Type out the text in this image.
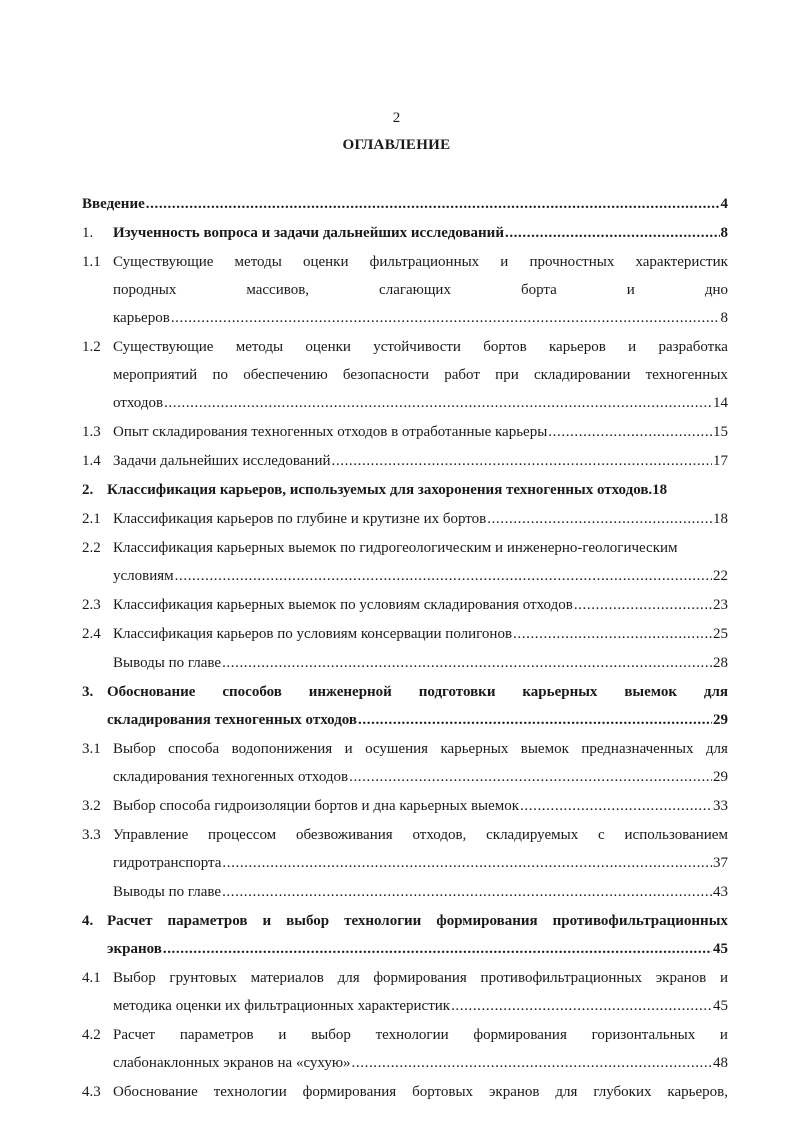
2
ОГЛАВЛЕНИЕ
Введение .....	4
1. Изученность вопроса и задачи дальнейших исследований .....	8
1.1 Существующие методы оценки фильтрационных и прочностных характеристик
породных	массивов,	слагающих	борта	и	дно
карьеров .....	8
1.2 Существующие методы оценки устойчивости бортов карьеров и разработка
мероприятий по обеспечению безопасности работ при складировании техногенных
отходов .....	14
1.3 Опыт складирования техногенных отходов в отработанные карьеры .....	15
1.4 Задачи дальнейших исследований .....	17
2. Классификация карьеров, используемых для захоронения техногенных отходов. 18
2.1 Классификация карьеров по глубине и крутизне их бортов .....	18
2.2 Классификация карьерных выемок по гидрогеологическим и инженерно-геологическим
условиям .....	22
2.3 Классификация карьерных выемок по условиям складирования отходов .....	23
2.4 Классификация карьеров по условиям консервации полигонов .....	25
Выводы по главе .....	28
3. Обоснование способов инженерной подготовки карьерных выемок для
складирования техногенных отходов .....	29
3.1 Выбор способа водопонижения и осушения карьерных выемок предназначенных для
складирования техногенных отходов .....	29
3.2 Выбор способа гидроизоляции бортов и дна карьерных выемок .....	33
3.3 Управление процессом обезвоживания отходов, складируемых с использованием
гидротранспорта .....	37
Выводы по главе .....	43
4. Расчет параметров и выбор технологии формирования противофильтрационных
экранов .....	45
4.1 Выбор грунтовых материалов для формирования противофильтрационных экранов и
методика оценки их фильтрационных характеристик .....	45
4.2 Расчет параметров и выбор технологии формирования горизонтальных и
слабонаклонных экранов на «сухую» .....	48
4.3 Обоснование технологии формирования бортовых экранов для глубоких карьеров,
